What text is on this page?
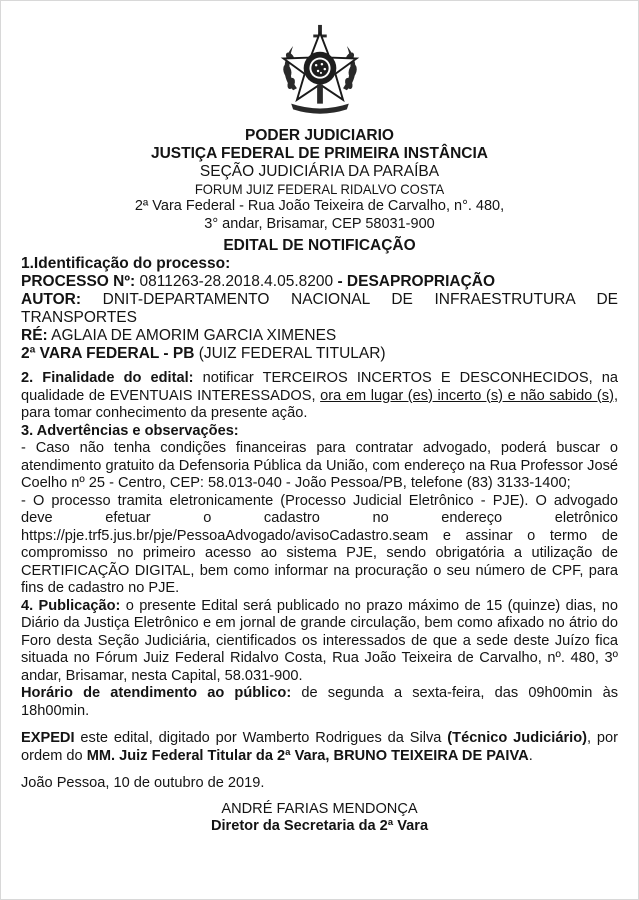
PODER JUDICIARIO
JUSTIÇA FEDERAL DE PRIMEIRA INSTÂNCIA
SEÇÃO JUDICIÁRIA DA PARAÍBA
FORUM JUIZ FEDERAL RIDALVO COSTA
2ª Vara Federal - Rua João Teixeira de Carvalho, n°. 480,
3° andar, Brisamar, CEP 58031-900
EDITAL DE NOTIFICAÇÃO
1.Identificação do processo:
PROCESSO Nº: 0811263-28.2018.4.05.8200 - DESAPROPRIAÇÃO
AUTOR: DNIT-DEPARTAMENTO NACIONAL DE INFRAESTRUTURA DE TRANSPORTES
RÉ: AGLAIA DE AMORIM GARCIA XIMENES
2ª VARA FEDERAL - PB (JUIZ FEDERAL TITULAR)
2. Finalidade do edital: notificar TERCEIROS INCERTOS E DESCONHECIDOS, na qualidade de EVENTUAIS INTERESSADOS, ora em lugar (es) incerto (s) e não sabido (s), para tomar conhecimento da presente ação.
3. Advertências e observações:
- Caso não tenha condições financeiras para contratar advogado, poderá buscar o atendimento gratuito da Defensoria Pública da União, com endereço na Rua Professor José Coelho nº 25 - Centro, CEP: 58.013-040 - João Pessoa/PB, telefone (83) 3133-1400;
- O processo tramita eletronicamente (Processo Judicial Eletrônico - PJE). O advogado deve efetuar o cadastro no endereço eletrônico https://pje.trf5.jus.br/pje/PessoaAdvogado/avisoCadastro.seam e assinar o termo de compromisso no primeiro acesso ao sistema PJE, sendo obrigatória a utilização de CERTIFICAÇÃO DIGITAL, bem como informar na procuração o seu número de CPF, para fins de cadastro no PJE.
4. Publicação: o presente Edital será publicado no prazo máximo de 15 (quinze) dias, no Diário da Justiça Eletrônico e em jornal de grande circulação, bem como afixado no átrio do Foro desta Seção Judiciária, cientificados os interessados de que a sede deste Juízo fica situada no Fórum Juiz Federal Ridalvo Costa, Rua João Teixeira de Carvalho, nº. 480, 3º andar, Brisamar, nesta Capital, 58.031-900.
Horário de atendimento ao público: de segunda a sexta-feira, das 09h00min às 18h00min.
EXPEDI este edital, digitado por Wamberto Rodrigues da Silva (Técnico Judiciário), por ordem do MM. Juiz Federal Titular da 2ª Vara, BRUNO TEIXEIRA DE PAIVA.
João Pessoa, 10 de outubro de 2019.
ANDRÉ FARIAS MENDONÇA
Diretor da Secretaria da 2ª Vara
